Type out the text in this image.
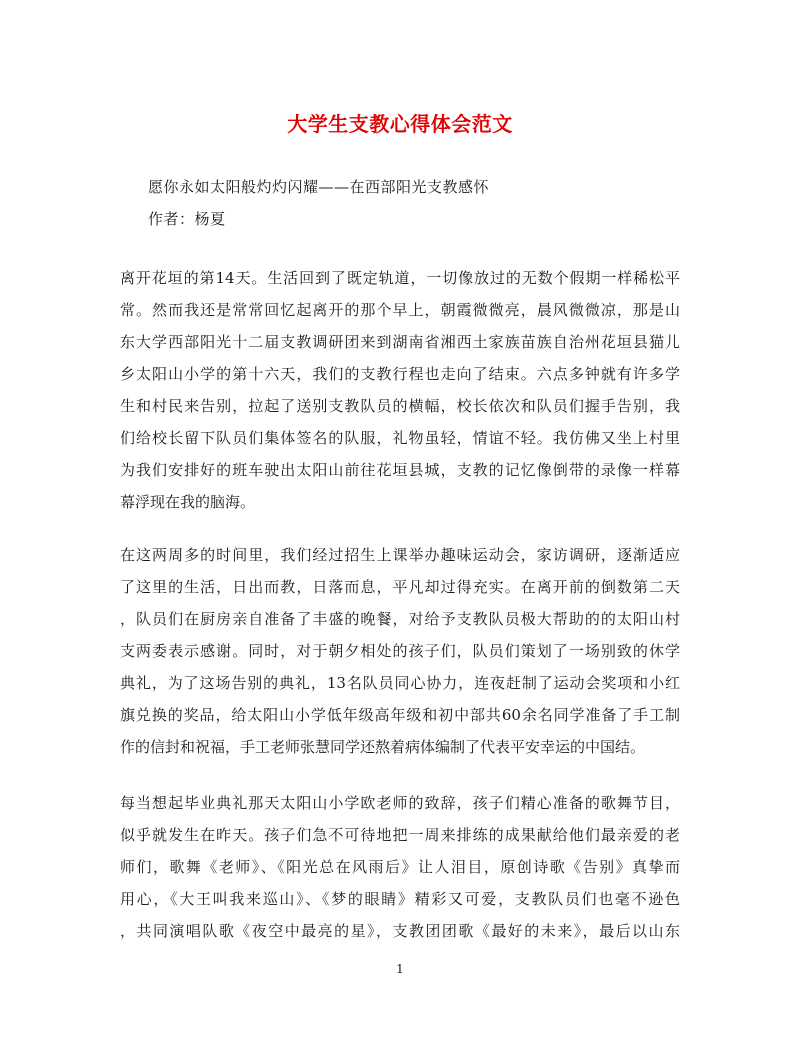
大学生支教心得体会范文
愿你永如太阳般灼灼闪耀——在西部阳光支教感怀
作者：杨夏
离开花垣的第14天。生活回到了既定轨道，一切像放过的无数个假期一样稀松平
常。然而我还是常常回忆起离开的那个早上，朝霞微微亮，晨风微微凉，那是山
东大学西部阳光十二届支教调研团来到湖南省湘西土家族苗族自治州花垣县猫儿
乡太阳山小学的第十六天，我们的支教行程也走向了结束。六点多钟就有许多学
生和村民来告别，拉起了送别支教队员的横幅，校长依次和队员们握手告别，我
们给校长留下队员们集体签名的队服，礼物虽轻，情谊不轻。我仿佛又坐上村里
为我们安排好的班车驶出太阳山前往花垣县城，支教的记忆像倒带的录像一样幕
幕浮现在我的脑海。
在这两周多的时间里，我们经过招生上课举办趣味运动会，家访调研，逐渐适应
了这里的生活，日出而教，日落而息，平凡却过得充实。在离开前的倒数第二天
，队员们在厨房亲自准备了丰盛的晚餐，对给予支教队员极大帮助的的太阳山村
支两委表示感谢。同时，对于朝夕相处的孩子们，队员们策划了一场别致的休学
典礼，为了这场告别的典礼，13名队员同心协力，连夜赶制了运动会奖项和小红
旗兑换的奖品，给太阳山小学低年级高年级和初中部共60余名同学准备了手工制
作的信封和祝福，手工老师张慧同学还熬着病体编制了代表平安幸运的中国结。
每当想起毕业典礼那天太阳山小学欧老师的致辞，孩子们精心准备的歌舞节目，
似乎就发生在昨天。孩子们急不可待地把一周来排练的成果献给他们最亲爱的老
师们，歌舞《老师》、《阳光总在风雨后》让人泪目，原创诗歌《告别》真挚而
用心，《大王叫我来巡山》、《梦的眼睛》精彩又可爱，支教队员们也毫不逊色
，共同演唱队歌《夜空中最亮的星》，支教团团歌《最好的未来》，最后以山东
1
